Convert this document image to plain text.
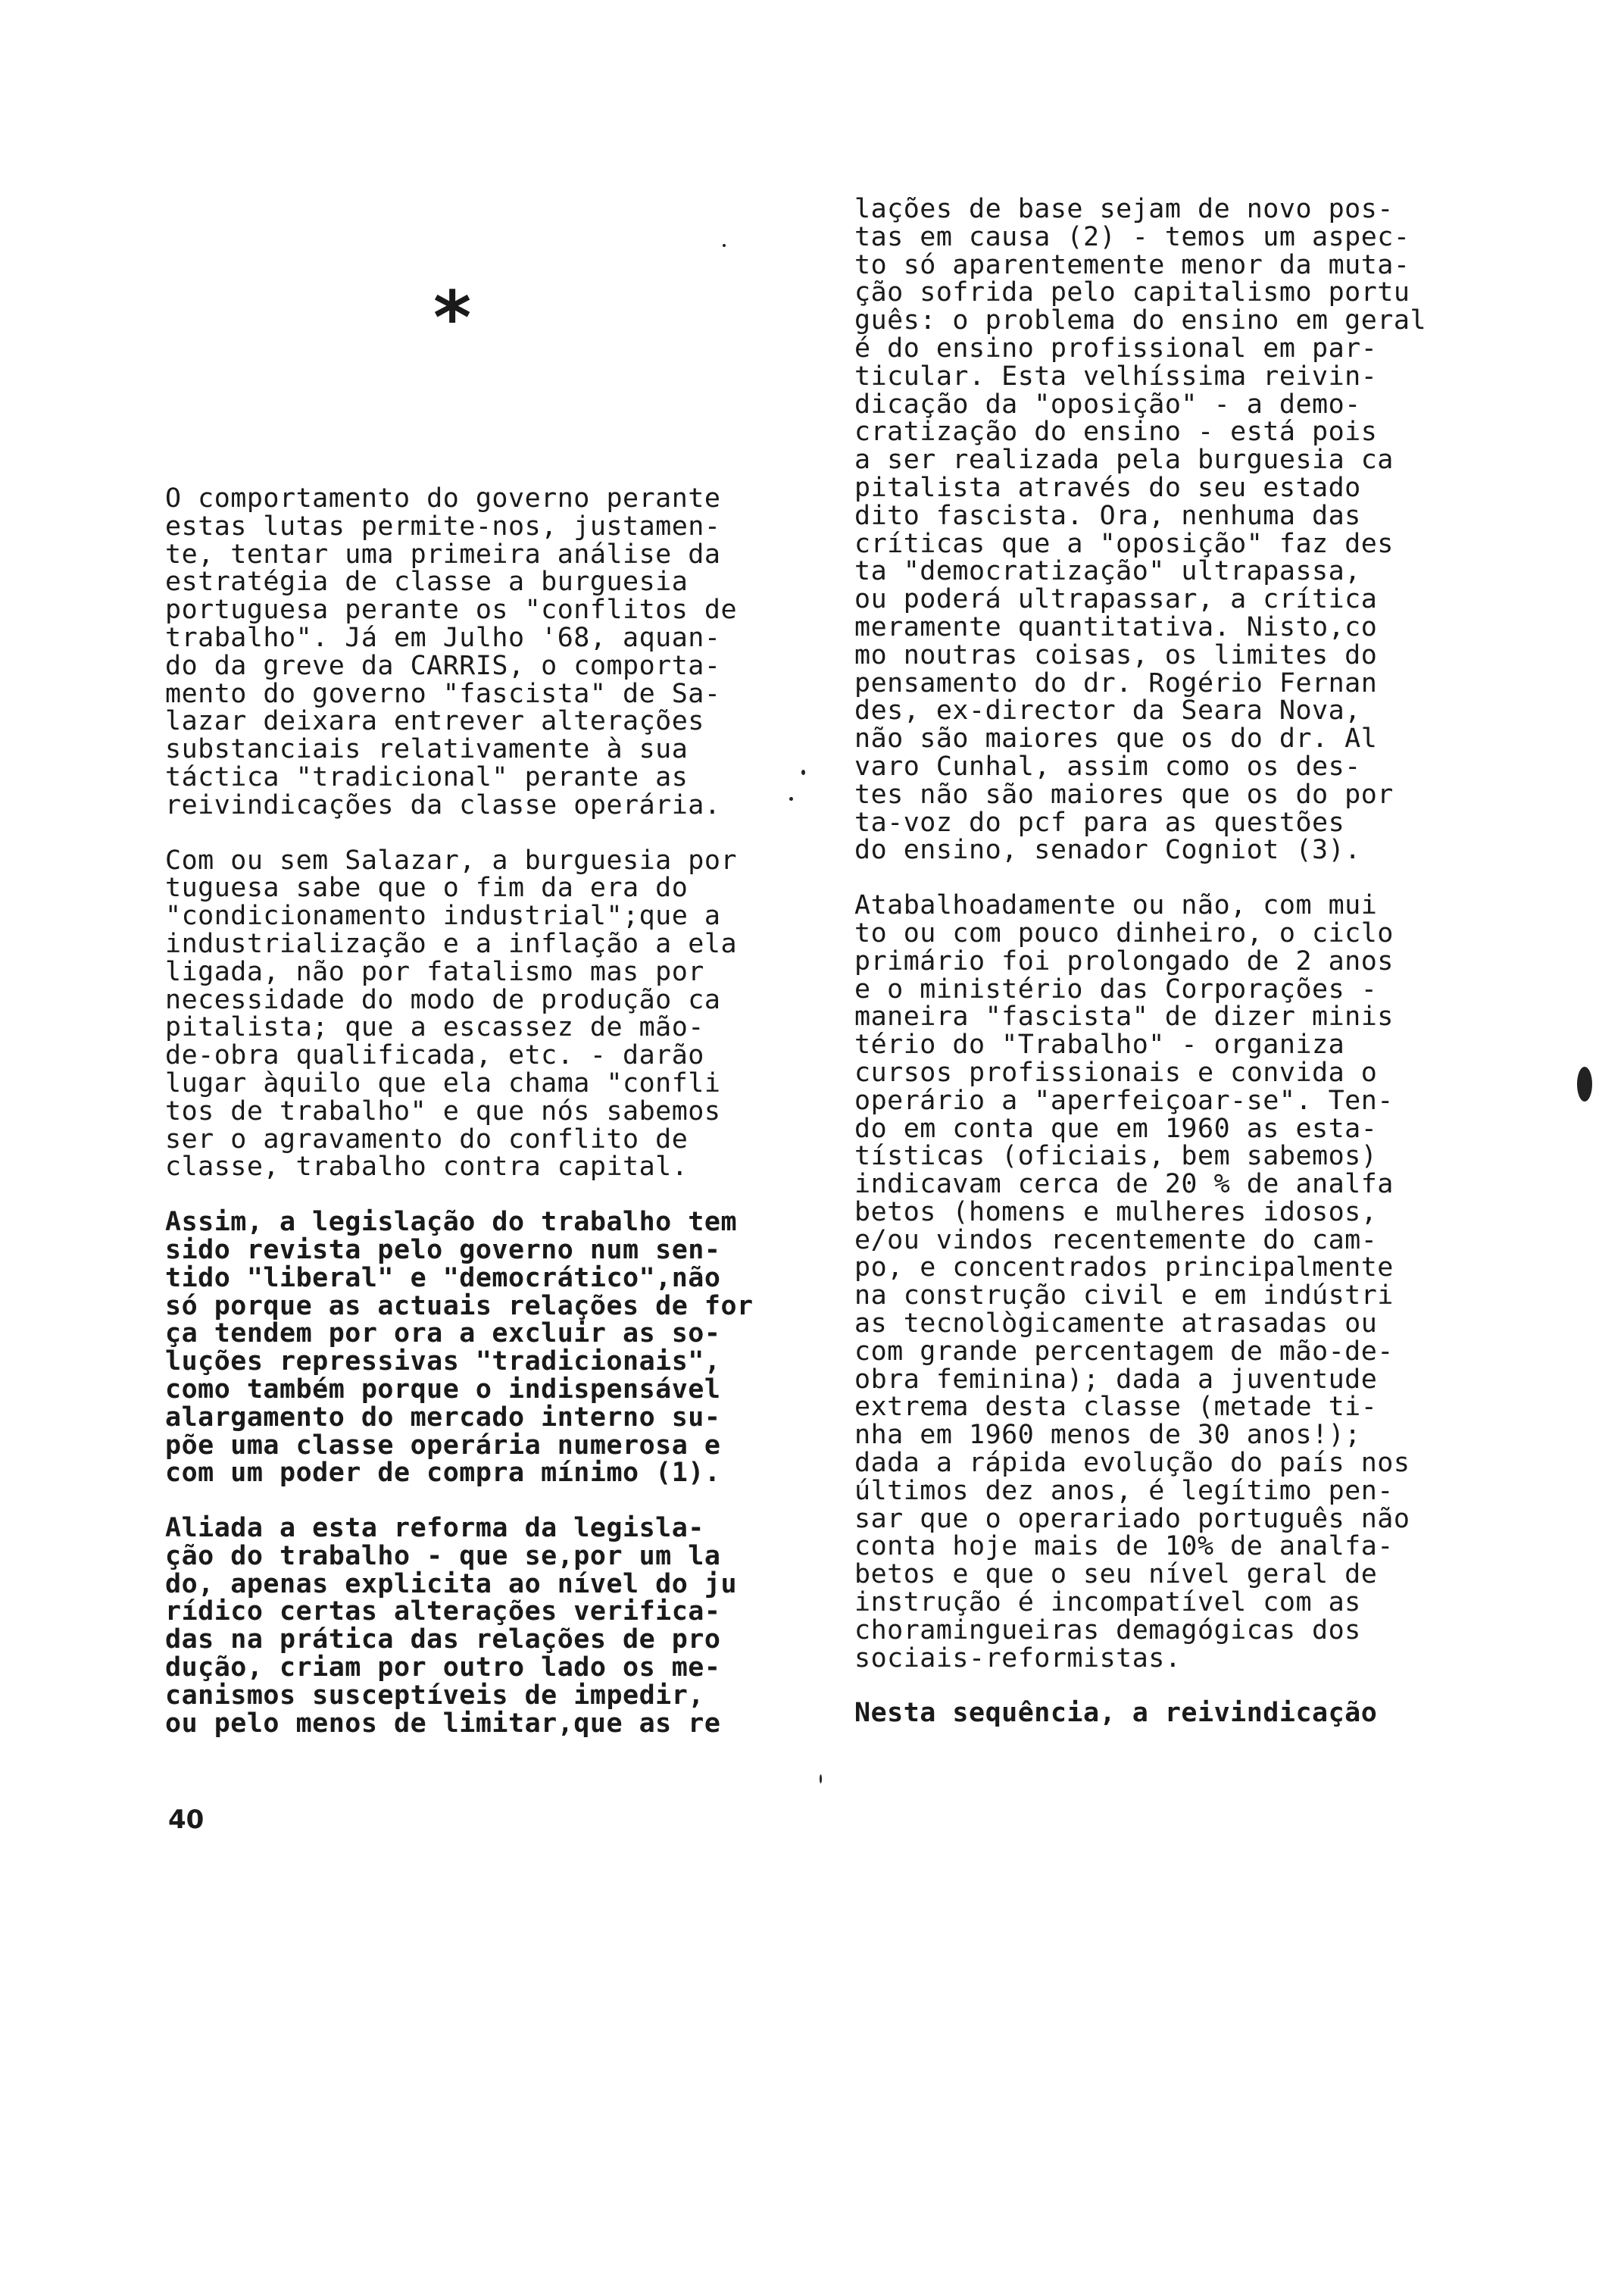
*

O comportamento do governo perante
estas lutas permite-nos, justamen-
te, tentar uma primeira análise da
estratégia de classe a burguesia
portuguesa perante os "conflitos de
trabalho". Já em Julho '68, aquan-
do da greve da CARRIS, o comporta-
mento do governo "fascista" de Sa-
lazar deixara entrever alterações
substanciais relativamente à sua
táctica "tradicional" perante as
reivindicações da classe operária.

Com ou sem Salazar, a burguesia por
tuguesa sabe que o fim da era do
"condicionamento industrial";que a
industrialização e a inflação a ela
ligada, não por fatalismo mas por
necessidade do modo de produção ca
pitalista; que a escassez de mão-
de-obra qualificada, etc. - darão
lugar àquilo que ela chama "confli
tos de trabalho" e que nós sabemos
ser o agravamento do conflito de
classe, trabalho contra capital.

Assim, a legislação do trabalho tem
sido revista pelo governo num sen-
tido "liberal" e "democrático",não
só porque as actuais relações de for
ça tendem por ora a excluir as so-
luções repressivas "tradicionais",
como também porque o indispensável
alargamento do mercado interno su-
põe uma classe operária numerosa e
com um poder de compra mínimo (1).

Aliada a esta reforma da legisla-
ção do trabalho - que se,por um la
do, apenas explicita ao nível do ju
rídico certas alterações verifica-
das na prática das relações de pro
dução, criam por outro lado os me-
canismos susceptíveis de impedir,
ou pelo menos de limitar,que as re

lações de base sejam de novo pos-
tas em causa (2) - temos um aspec-
to só aparentemente menor da muta-
ção sofrida pelo capitalismo portu
guês: o problema do ensino em geral
é do ensino profissional em par-
ticular. Esta velhíssima reivin-
dicação da "oposição" - a demo-
cratização do ensino - está pois
a ser realizada pela burguesia ca
pitalista através do seu estado
dito fascista. Ora, nenhuma das
críticas que a "oposição" faz des
ta "democratização" ultrapassa,
ou poderá ultrapassar, a crítica
meramente quantitativa. Nisto,co
mo noutras coisas, os limites do
pensamento do dr. Rogério Fernan
des, ex-director da Seara Nova,
não são maiores que os do dr. Al
varo Cunhal, assim como os des-
tes não são maiores que os do por
ta-voz do pcf para as questões
do ensino, senador Cogniot (3).

Atabalhoadamente ou não, com mui
to ou com pouco dinheiro, o ciclo
primário foi prolongado de 2 anos
e o ministério das Corporações -
maneira "fascista" de dizer minis
tério do "Trabalho" - organiza
cursos profissionais e convida o
operário a "aperfeiçoar-se". Ten-
do em conta que em 1960 as esta-
tísticas (oficiais, bem sabemos)
indicavam cerca de 20 % de analfa
betos (homens e mulheres idosos,
e/ou vindos recentemente do cam-
po, e concentrados principalmente
na construção civil e em indústri
as tecnològicamente atrasadas ou
com grande percentagem de mão-de-
obra feminina); dada a juventude
extrema desta classe (metade ti-
nha em 1960 menos de 30 anos!);
dada a rápida evolução do país nos
últimos dez anos, é legítimo pen-
sar que o operariado português não
conta hoje mais de 10% de analfa-
betos e que o seu nível geral de
instrução é incompatível com as
choramingueiras demagógicas dos
sociais-reformistas.

Nesta sequência, a reivindicação

40
